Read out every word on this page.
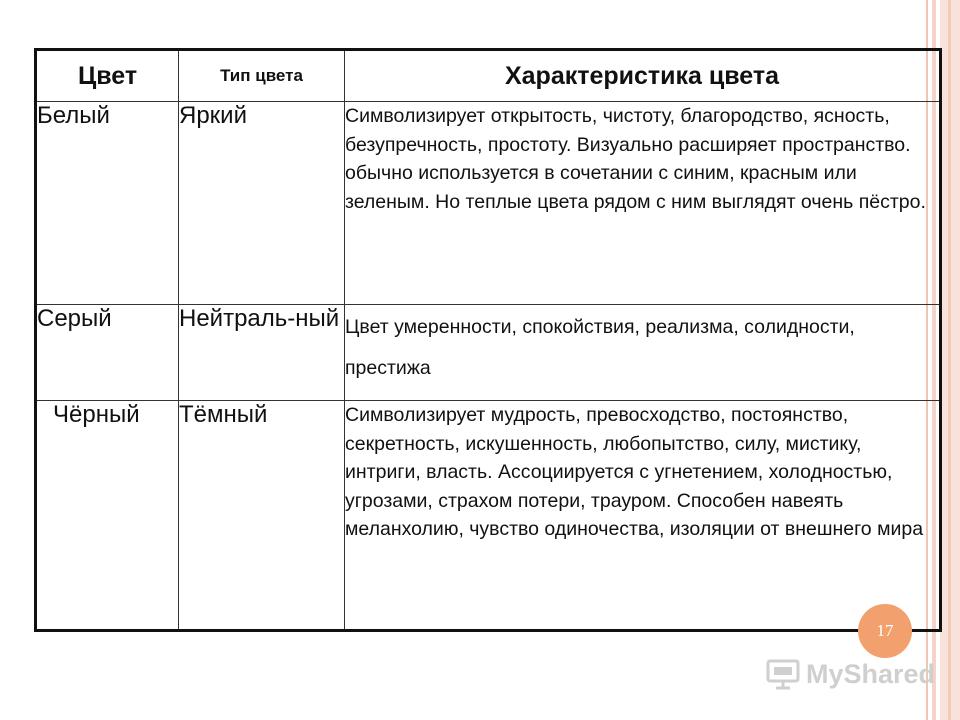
Цвет	Тип цвета	Характеристика цвета
Белый	Яркий	Символизирует открытость, чистоту, благородство, ясность, безупречность, простоту. Визуально расширяет пространство. обычно используется в сочетании с синим, красным или зеленым. Но теплые цвета рядом с ним выглядят очень пёстро.
Серый	Нейтраль-ный	Цвет умеренности, спокойствия, реализма, солидности, престижа
Чёрный	Тёмный	Символизирует мудрость, превосходство, постоянство, секретность, искушенность, любопытство, силу, мистику, интриги, власть. Ассоциируется с угнетением, холодностью, угрозами, страхом потери, трауром. Способен навеять меланхолию, чувство одиночества, изоляции от внешнего мира
17
MyShared
